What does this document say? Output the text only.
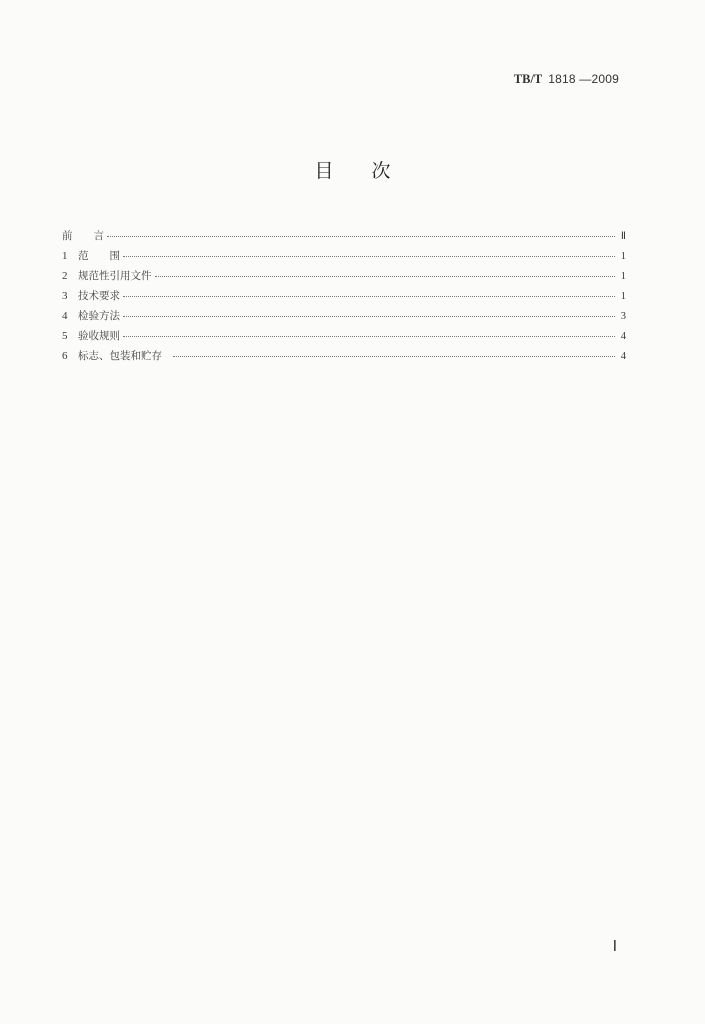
TB/T 1818 —2009
目次
前　　言	Ⅱ
1	范　　围	1
2	规范性引用文件	1
3	技术要求	1
4	检验方法	3
5	验收规则	4
6	标志、包装和贮存	4
Ⅰ
